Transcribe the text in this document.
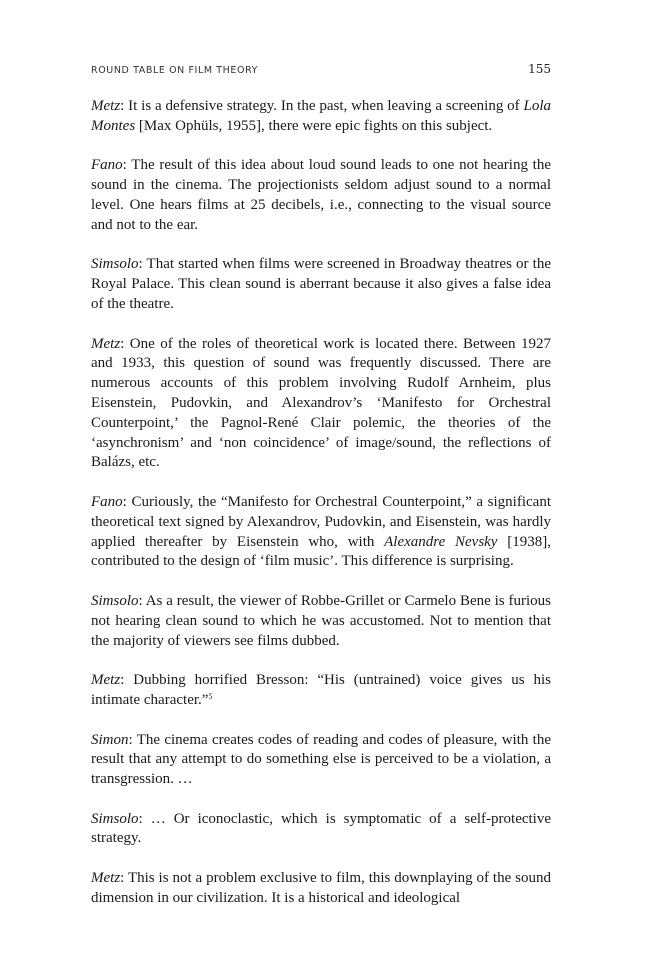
ROUND TABLE ON FILM THEORY	155

Metz: It is a defensive strategy. In the past, when leaving a screening of Lola Montes [Max Ophüls, 1955], there were epic fights on this subject.

Fano: The result of this idea about loud sound leads to one not hearing the sound in the cinema. The projectionists seldom adjust sound to a normal level. One hears films at 25 decibels, i.e., connecting to the visual source and not to the ear.

Simsolo: That started when films were screened in Broadway theatres or the Royal Palace. This clean sound is aberrant because it also gives a false idea of the theatre.

Metz: One of the roles of theoretical work is located there. Between 1927 and 1933, this question of sound was frequently discussed. There are numerous accounts of this problem involving Rudolf Arnheim, plus Eisenstein, Pudovkin, and Alexandrov’s ‘Manifesto for Orchestral Counterpoint,’ the Pagnol-René Clair polemic, the theories of the ‘asynchronism’ and ‘non coincidence’ of image/sound, the reflections of Balázs, etc.

Fano: Curiously, the “Manifesto for Orchestral Counterpoint,” a significant theoretical text signed by Alexandrov, Pudovkin, and Eisenstein, was hardly applied thereafter by Eisenstein who, with Alexandre Nevsky [1938], contributed to the design of ‘film music’. This difference is surprising.

Simsolo: As a result, the viewer of Robbe-Grillet or Carmelo Bene is furious not hearing clean sound to which he was accustomed. Not to mention that the majority of viewers see films dubbed.

Metz: Dubbing horrified Bresson: “His (untrained) voice gives us his intimate character.”$^5$

Simon: The cinema creates codes of reading and codes of pleasure, with the result that any attempt to do something else is perceived to be a violation, a transgression. …

Simsolo: … Or iconoclastic, which is symptomatic of a self-protective strategy.

Metz: This is not a problem exclusive to film, this downplaying of the sound dimension in our civilization. It is a historical and ideological
